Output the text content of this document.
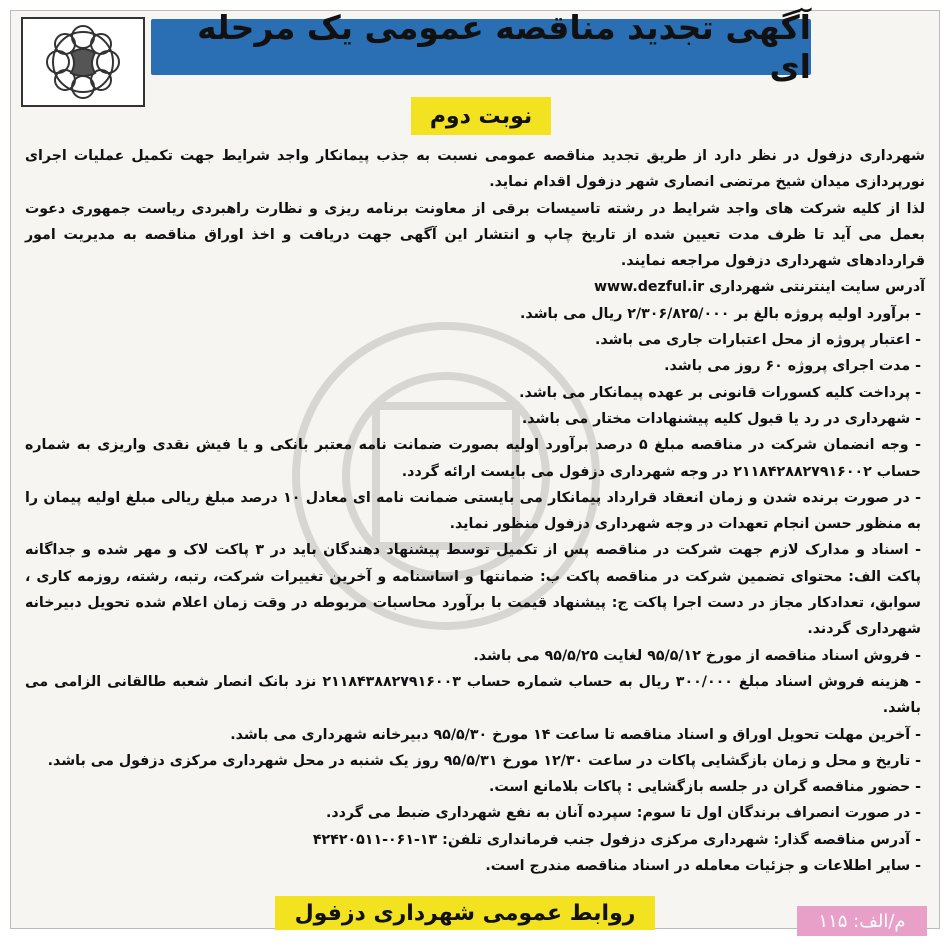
آگهی تجدید مناقصه عمومی یک مرحله ای
نوبت دوم

شهرداری دزفول در نظر دارد از طریق تجدید مناقصه عمومی نسبت به جذب پیمانکار واجد شرایط جهت تکمیل عملیات اجرای نورپردازی میدان شیخ مرتضی انصاری شهر دزفول اقدام نماید.

لذا از کلیه شرکت های واجد شرایط در رشته تاسیسات برقی از معاونت برنامه ریزی و نظارت راهبردی ریاست جمهوری دعوت بعمل می آید تا ظرف مدت تعیین شده از تاریخ چاپ و انتشار این آگهی جهت دریافت و اخذ اوراق مناقصه به مدیریت امور قراردادهای شهرداری دزفول مراجعه نمایند.

آدرس سایت اینترنتی شهرداری www.dezful.ir

- برآورد اولیه پروژه بالغ بر ۲/۳۰۶/۸۲۵/۰۰۰ ریال می باشد.

- اعتبار پروژه از محل اعتبارات جاری می باشد.

- مدت اجرای پروژه ۶۰ روز می باشد.

- پرداخت کلیه کسورات قانونی بر عهده پیمانکار می باشد.

- شهرداری در رد یا قبول کلیه پیشنهادات مختار می باشد.

- وجه انضمان شرکت در مناقصه مبلغ ۵ درصد برآورد اولیه بصورت ضمانت نامه معتبر بانکی و یا فیش نقدی واریزی به شماره حساب ۲۱۱۸۴۲۸۸۲۷۹۱۶۰۰۲ در وجه شهرداری دزفول می بایست ارائه گردد.

- در صورت برنده شدن و زمان انعقاد قرارداد پیمانکار می بایستی ضمانت نامه ای معادل ۱۰ درصد مبلغ ریالی مبلغ اولیه پیمان را به منظور حسن انجام تعهدات در وجه شهرداری دزفول منظور نماید.

- اسناد و مدارک لازم جهت شرکت در مناقصه پس از تکمیل توسط پیشنهاد دهندگان باید در ۳ پاکت لاک و مهر شده و جداگانه پاکت الف: محتوای تضمین شرکت در مناقصه پاکت ب: ضمانتها و اساسنامه و آخرین تغییرات شرکت، رتبه، رشته، روزمه کاری ، سوابق، تعدادکار مجاز در دست اجرا پاکت ج: پیشنهاد قیمت با برآورد محاسبات مربوطه در وقت زمان اعلام شده تحویل دبیرخانه شهرداری گردند.

- فروش اسناد مناقصه از مورخ ۹۵/۵/۱۲ لغایت ۹۵/۵/۲۵ می باشد.

- هزینه فروش اسناد مبلغ ۳۰۰/۰۰۰ ریال به حساب شماره حساب ۲۱۱۸۴۳۸۸۲۷۹۱۶۰۰۳ نزد بانک انصار شعبه طالقانی الزامی می باشد.

- آخرین مهلت تحویل اوراق و اسناد مناقصه تا ساعت ۱۴ مورخ ۹۵/۵/۳۰ دبیرخانه شهرداری می باشد.

- تاریخ و محل و زمان بازگشایی پاکات در ساعت ۱۲/۳۰ مورخ ۹۵/۵/۳۱ روز یک شنبه در محل شهرداری مرکزی دزفول می باشد.

- حضور مناقصه گران در جلسه بازگشایی : پاکات بلامانع است.

- در صورت انصراف برندگان اول تا سوم: سپرده آنان به نفع شهرداری ضبط می گردد.

- آدرس مناقصه گذار: شهرداری مرکزی دزفول جنب فرمانداری تلفن: ۱۳-۰۶۱-۴۲۴۲۰۵۱۱

- سایر اطلاعات و جزئیات معامله در اسناد مناقصه مندرج است.

روابط عمومی شهرداری دزفول	م/الف: ۱۱۵
